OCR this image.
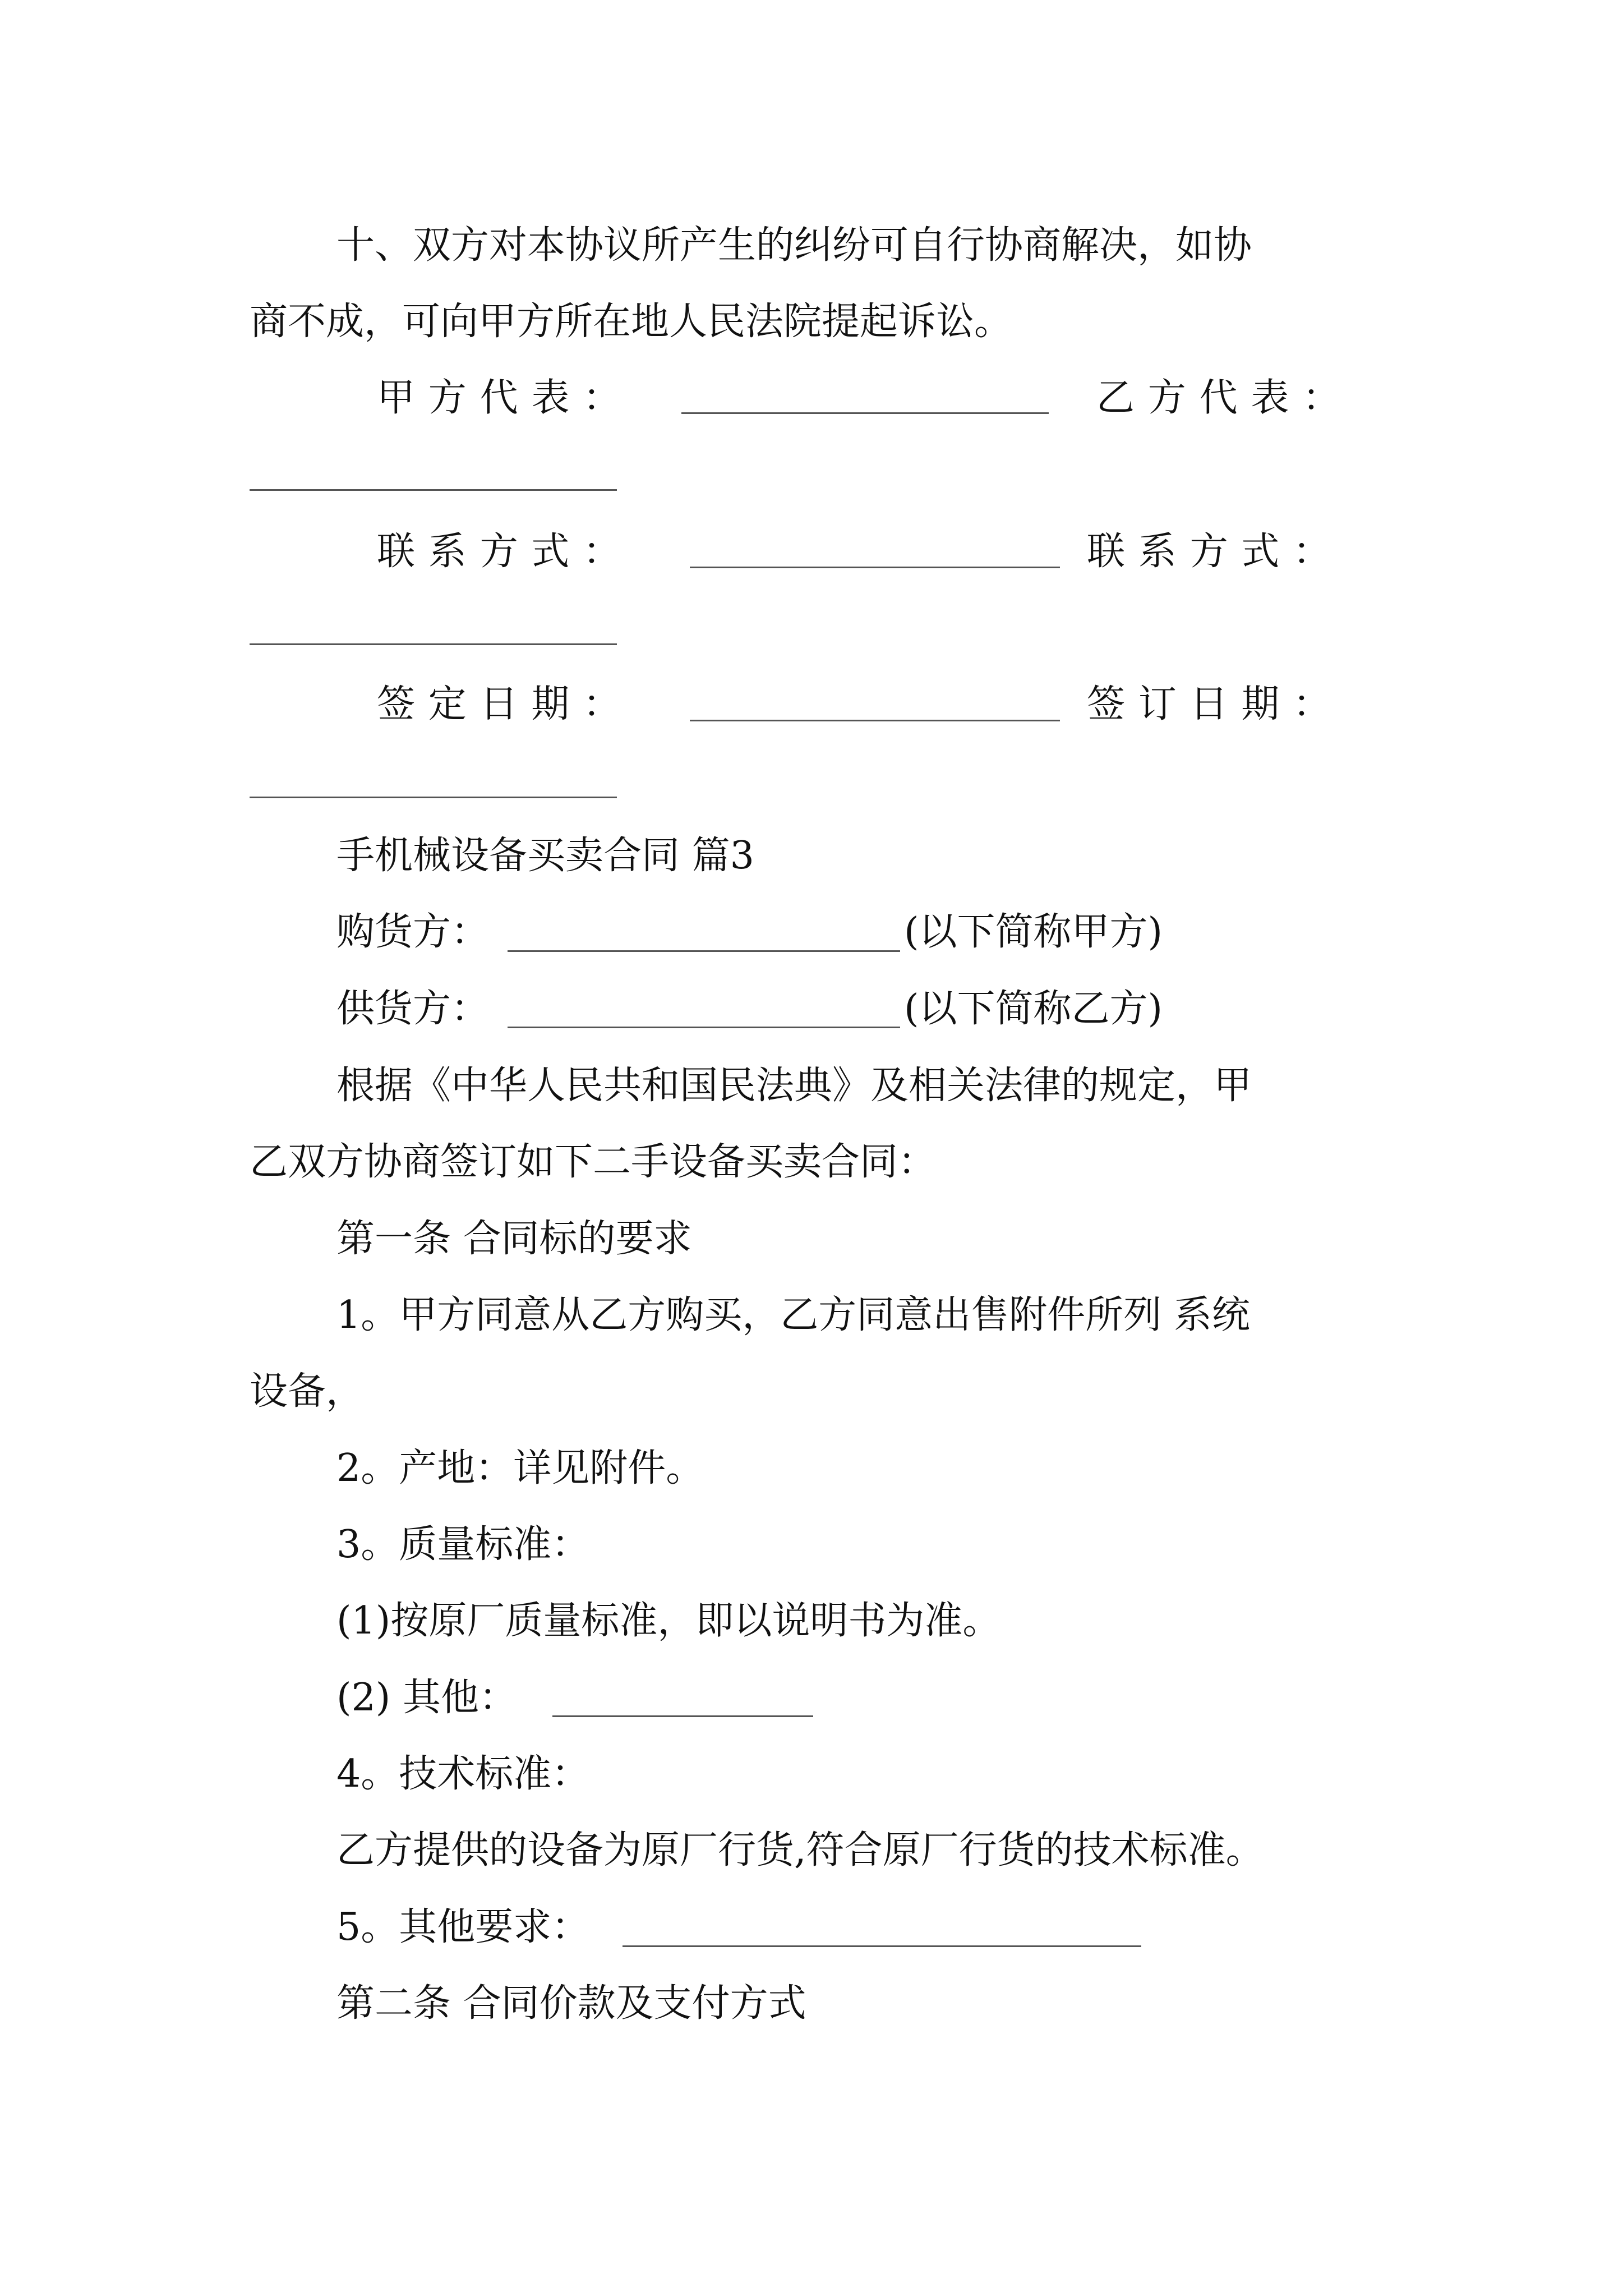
十、双方对本协议所产生的纠纷可自行协商解决，如协
商不成，可向甲方所在地人民法院提起诉讼。
甲方代表：	乙方代表：
联系方式：	联系方式：
签定日期：	签订日期：
手机械设备买卖合同 篇3
购货方：	(以下简称甲方)
供货方：	(以下简称乙方)
根据《中华人民共和国民法典》及相关法律的规定，甲
乙双方协商签订如下二手设备买卖合同：
第一条 合同标的要求
1。甲方同意从乙方购买，乙方同意出售附件所列 系统
设备，
2。产地：详见附件。
3。质量标准：
(1)按原厂质量标准，即以说明书为准。
(2) 其他：
4。技术标准：
乙方提供的设备为原厂行货,符合原厂行货的技术标准。
5。其他要求：
第二条 合同价款及支付方式
